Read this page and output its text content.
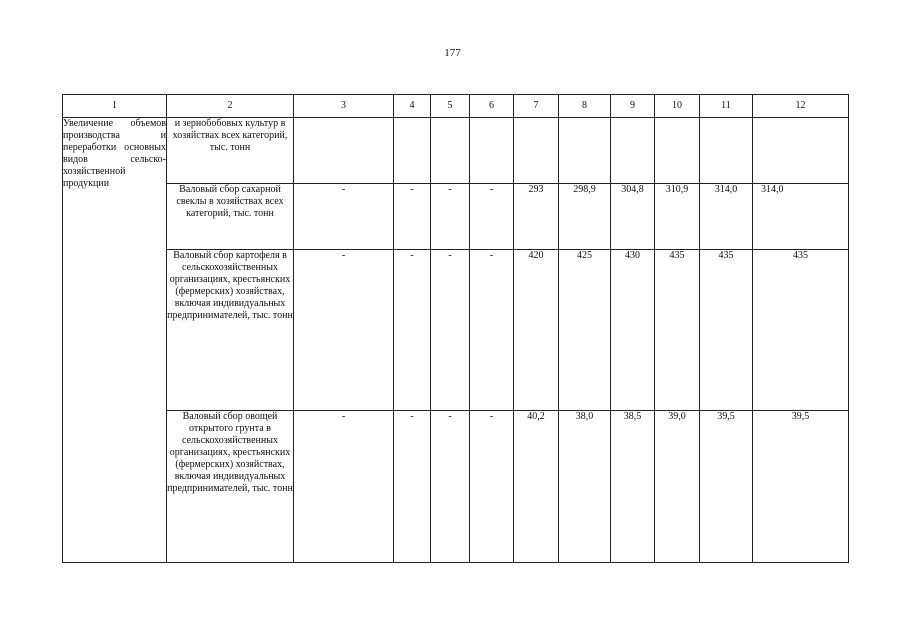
177
1	2	3	4	5	6	7	8	9	10	11	12
Увеличение объемов производства и переработки основных видов сельско- хозяйственной продукции	и зернобобовых культур в хозяйствах всех категорий, тыс. тонн										
	Валовый сбор сахарной свеклы в хозяйствах всех категорий, тыс. тонн	-	-	-	-	293	298,9	304,8	310,9	314,0	314,0
	Валовый сбор картофеля в сельскохозяйственных организациях, крестьянских (фермерских) хозяйствах, включая индивидуальных предпринимателей, тыс. тонн	-	-	-	-	420	425	430	435	435	435
	Валовый сбор овощей открытого грунта в сельскохозяйственных организациях, крестьянских (фермерских) хозяйствах, включая индивидуальных предпринимателей, тыс. тонн	-	-	-	-	40,2	38,0	38,5	39,0	39,5	39,5
